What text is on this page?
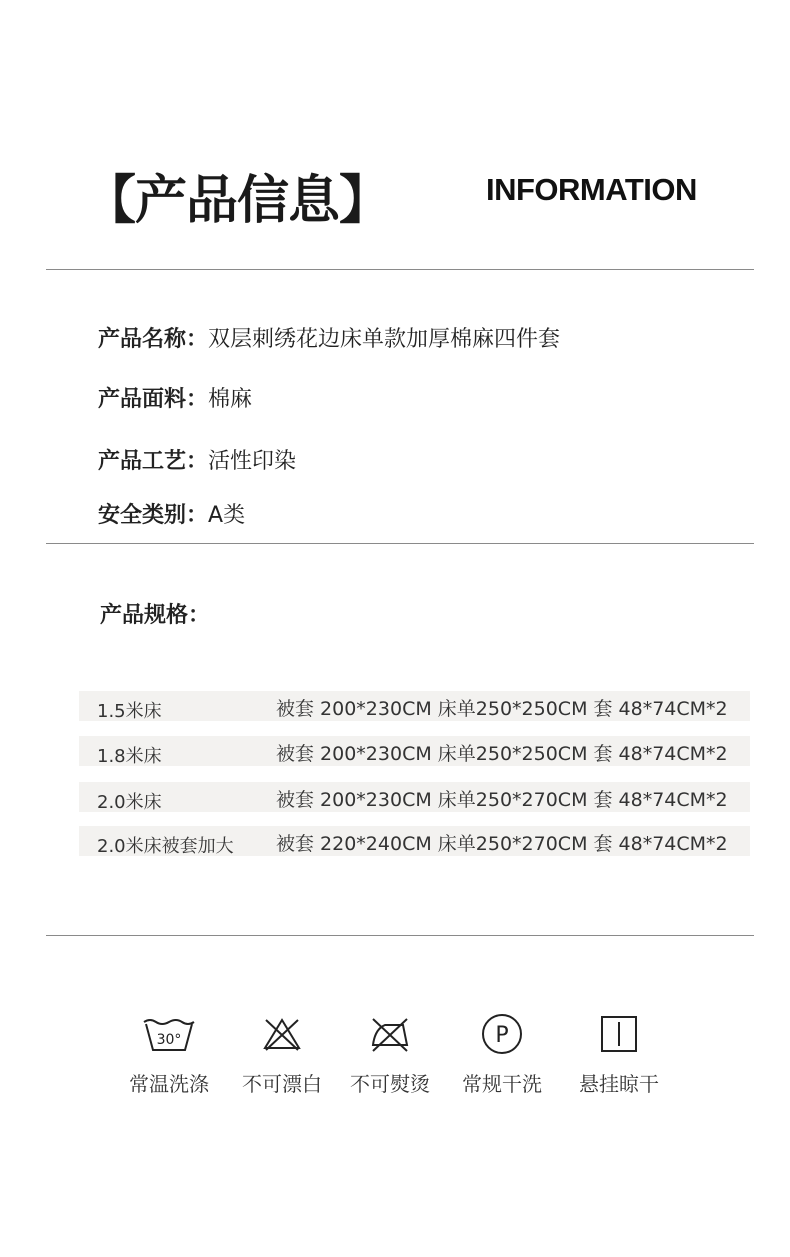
【产品信息】	INFORMATION
产品名称：双层刺绣花边床单款加厚棉麻四件套
产品面料：棉麻
产品工艺：活性印染
安全类别：A类
产品规格：
1.5米床	被套 200*230CM 床单250*250CM 套 48*74CM*2
1.8米床	被套 200*230CM 床单250*250CM 套 48*74CM*2
2.0米床	被套 200*230CM 床单250*270CM 套 48*74CM*2
2.0米床被套加大 被套 220*240CM 床单250*270CM 套 48*74CM*2
30°
常温洗涤	不可漂白	不可熨烫
P
常规干洗	悬挂晾干
